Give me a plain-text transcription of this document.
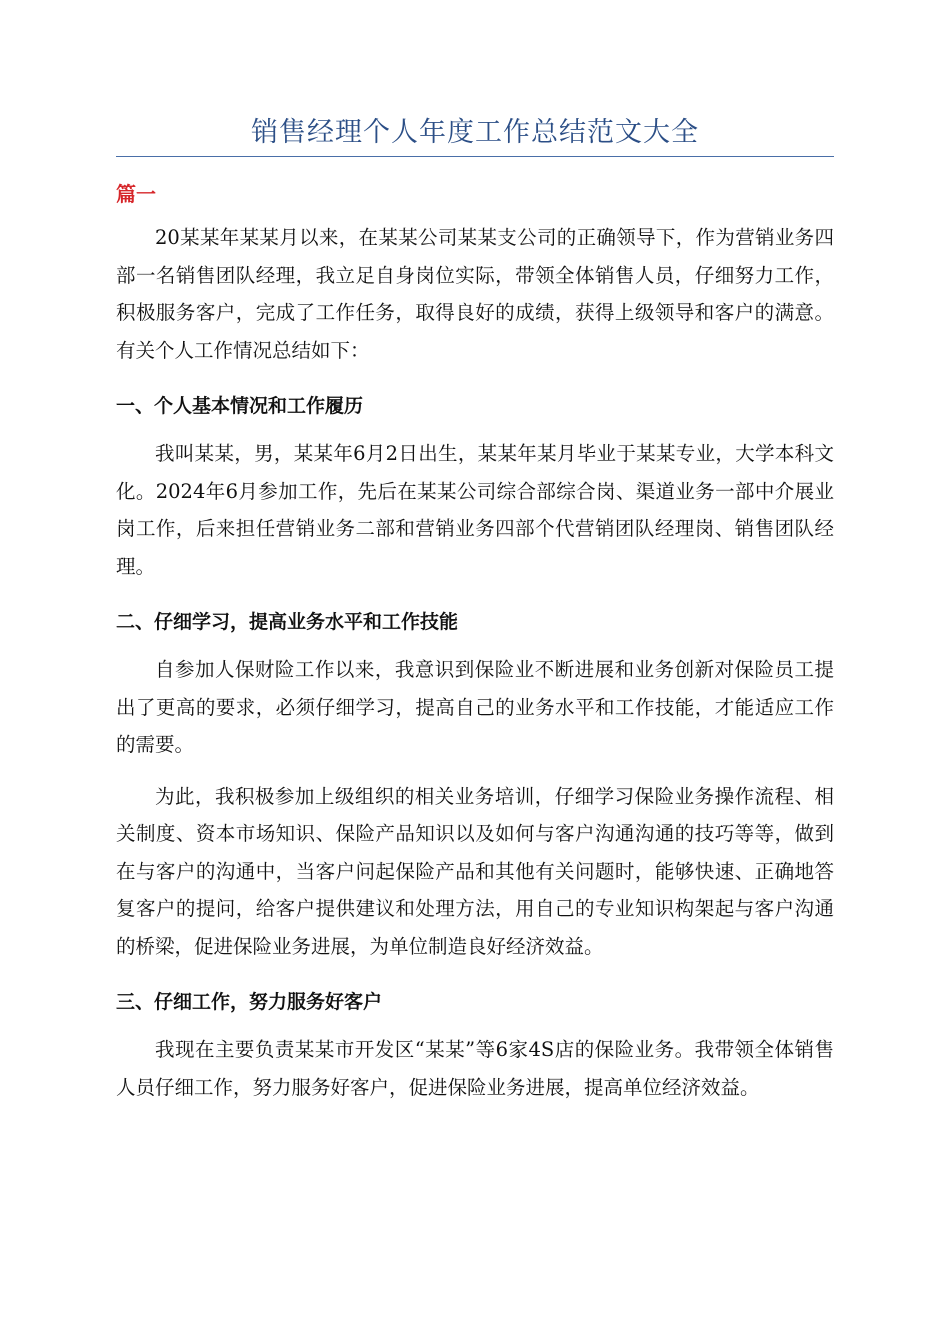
销售经理个人年度工作总结范文大全
篇一

20某某年某某月以来，在某某公司某某支公司的正确领导下，作为营销业务四部一名销售团队经理，我立足自身岗位实际，带领全体销售人员，仔细努力工作，积极服务客户，完成了工作任务，取得良好的成绩，获得上级领导和客户的满意。有关个人工作情况总结如下：

一、个人基本情况和工作履历

我叫某某，男，某某年6月2日出生，某某年某月毕业于某某专业，大学本科文化。2024年6月参加工作，先后在某某公司综合部综合岗、渠道业务一部中介展业岗工作，后来担任营销业务二部和营销业务四部个代营销团队经理岗、销售团队经理。

二、仔细学习，提高业务水平和工作技能

自参加人保财险工作以来，我意识到保险业不断进展和业务创新对保险员工提出了更高的要求，必须仔细学习，提高自己的业务水平和工作技能，才能适应工作的需要。

为此，我积极参加上级组织的相关业务培训，仔细学习保险业务操作流程、相关制度、资本市场知识、保险产品知识以及如何与客户沟通沟通的技巧等等，做到在与客户的沟通中，当客户问起保险产品和其他有关问题时，能够快速、正确地答复客户的提问，给客户提供建议和处理方法，用自己的专业知识构架起与客户沟通的桥梁，促进保险业务进展，为单位制造良好经济效益。

三、仔细工作，努力服务好客户

我现在主要负责某某市开发区“某某”等6家4S店的保险业务。我带领全体销售人员仔细工作，努力服务好客户，促进保险业务进展，提高单位经济效益。
